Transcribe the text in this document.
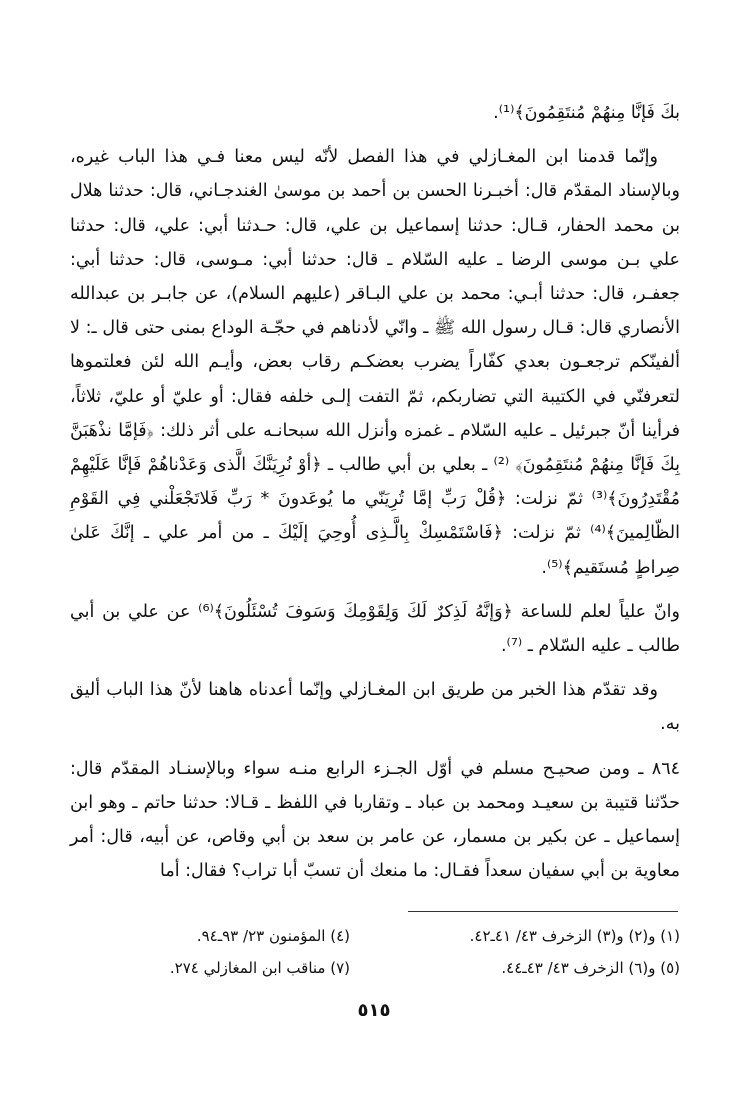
بكَ فَإنَّا مِنهُمْ مُنتَقِمُونَ﴾⁽¹⁾.

وإنّما قدمنا ابن المغـازلي في هذا الفصل لأنّه ليس معنا فـي هذا الباب غيره، وبالإسناد المقدّم قال: أخبـرنا الحسن بن أحمد بن موسىٰ الغندجـاني، قال: حدثنا هلال بن محمد الحفار، قـال: حدثنا إسماعيل بن علي، قال: حـدثنا أبي: علي، قال: حدثنا علي بـن موسى الرضا ـ عليه السّلام ـ قال: حدثنا أبي: مـوسى، قال: حدثنا أبي: جعفـر، قال: حدثنا أبـي: محمد بن علي البـاقر (عليهم السلام)، عن جابـر بن عبدالله الأنصاري قال: قـال رسول الله ﷺ ـ وانّي لأدناهم في حجّـة الوداع بمنى حتى قال ـ: لا ألفينّكم ترجعـون بعدي كفّاراً يضرب بعضكـم رقاب بعض، وأيـم الله لئن فعلتموها لتعرفنّي في الكتيبة التي تضاربكم، ثمّ التفت إلـى خلفه فقال: أو عليّ أو عليّ، ثلاثاً، فرأينا أنّ جبرئيل ـ عليه السّلام ـ غمزه وأنزل الله سبحانـه على أثر ذلك: ﴿فَإمَّا نذْهَبَنَّ بِكَ فَإنَّا مِنهُمْ مُنتَقِمُونَ﴾ ⁽²⁾ ـ بعلي بن أبي طالب ـ ﴿أوْ نُرِيَنَّكَ الَّذى وَعَدْناهُمْ فَإنَّا عَلَيْهِمْ مُقْتَدِرُونَ﴾⁽³⁾ ثمّ نزلت: ﴿قُلْ رَبِّ إمَّا تُرِيَنّي ما يُوعَدونَ * رَبِّ فَلاتَجْعَلْني فِي القَوْمِ الظّالِمينَ﴾⁽⁴⁾ ثمّ نزلت: ﴿فَاسْتَمْسِكْ بِالَّـذِى أُوحِيَ إلَيْكَ ـ من أمر علي ـ إنَّكَ عَلىٰ صِراطٍ مُستَقيم﴾⁽⁵⁾.

وانّ علياً لعلم للساعة ﴿وَإنَّهُ لَذِكرٌ لَكَ وَلِقَوْمِكَ وَسَوفَ تُسْئَلُونَ﴾⁽⁶⁾ عن علي بن أبي طالب ـ عليه السّلام ـ ⁽⁷⁾.

وقد تقدّم هذا الخبر من طريق ابن المغـازلي وإنّما أعدناه هاهنا لأنّ هذا الباب أليق به.

٨٦٤ ـ ومن صحيـح مسلم في أوّل الجـزء الرابع منـه سواء وبالإسنـاد المقدّم قال: حدّثنا قتيبة بن سعيـد ومحمد بن عباد ـ وتقاربا في اللفظ ـ قـالا: حدثنا حاتم ـ وهو ابن إسماعيل ـ عن بكير بن مسمار، عن عامر بن سعد بن أبي وقاص، عن أبيه، قال: أمر معاوية بن أبي سفيان سعداً فقـال: ما منعك أن تسبّ أبا تراب؟ فقال: أما

(١) و(٢) و(٣) الزخرف ٤٣/ ٤١ـ٤٢.
(٤) المؤمنون ٢٣/ ٩٣ـ٩٤.
(٥) و(٦) الزخرف ٤٣/ ٤٣ـ٤٤.
(٧) مناقب ابن المغازلي ٢٧٤.
٥١٥
